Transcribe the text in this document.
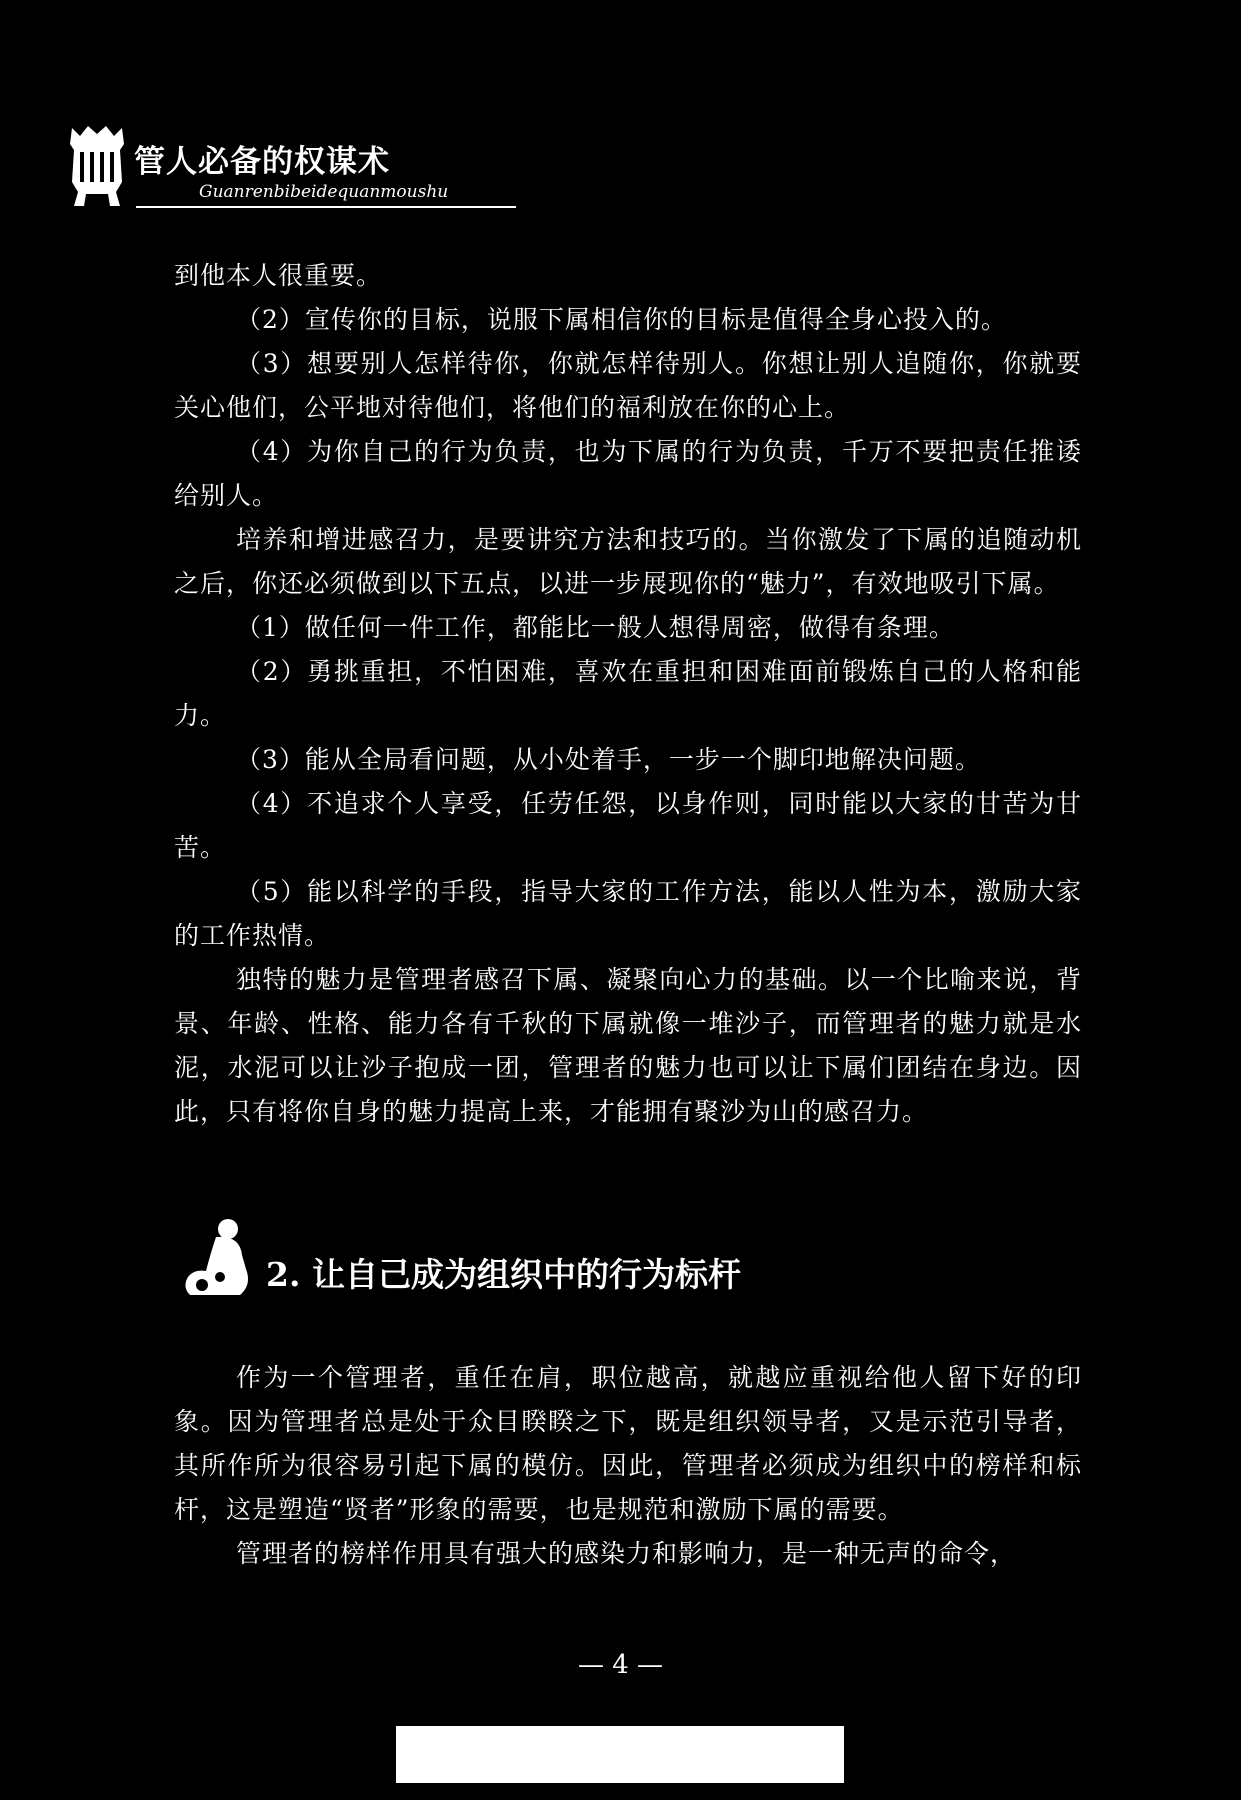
管人必备的权谋术
Guanrenbibeidequanmoushu

到他本人很重要。

（2）宣传你的目标，说服下属相信你的目标是值得全身心投入的。

（3）想要别人怎样待你，你就怎样待别人。你想让别人追随你，你就要关心他们，公平地对待他们，将他们的福利放在你的心上。

（4）为你自己的行为负责，也为下属的行为负责，千万不要把责任推诿给别人。

培养和增进感召力，是要讲究方法和技巧的。当你激发了下属的追随动机之后，你还必须做到以下五点，以进一步展现你的“魅力”，有效地吸引下属。

（1）做任何一件工作，都能比一般人想得周密，做得有条理。

（2）勇挑重担，不怕困难，喜欢在重担和困难面前锻炼自己的人格和能力。

（3）能从全局看问题，从小处着手，一步一个脚印地解决问题。

（4）不追求个人享受，任劳任怨，以身作则，同时能以大家的甘苦为甘苦。

（5）能以科学的手段，指导大家的工作方法，能以人性为本，激励大家的工作热情。

独特的魅力是管理者感召下属、凝聚向心力的基础。以一个比喻来说，背景、年龄、性格、能力各有千秋的下属就像一堆沙子，而管理者的魅力就是水泥，水泥可以让沙子抱成一团，管理者的魅力也可以让下属们团结在身边。因此，只有将你自身的魅力提高上来，才能拥有聚沙为山的感召力。

2. 让自己成为组织中的行为标杆

作为一个管理者，重任在肩，职位越高，就越应重视给他人留下好的印象。因为管理者总是处于众目睽睽之下，既是组织领导者，又是示范引导者，其所作所为很容易引起下属的模仿。因此，管理者必须成为组织中的榜样和标杆，这是塑造“贤者”形象的需要，也是规范和激励下属的需要。

管理者的榜样作用具有强大的感染力和影响力，是一种无声的命令，

— 4 —
